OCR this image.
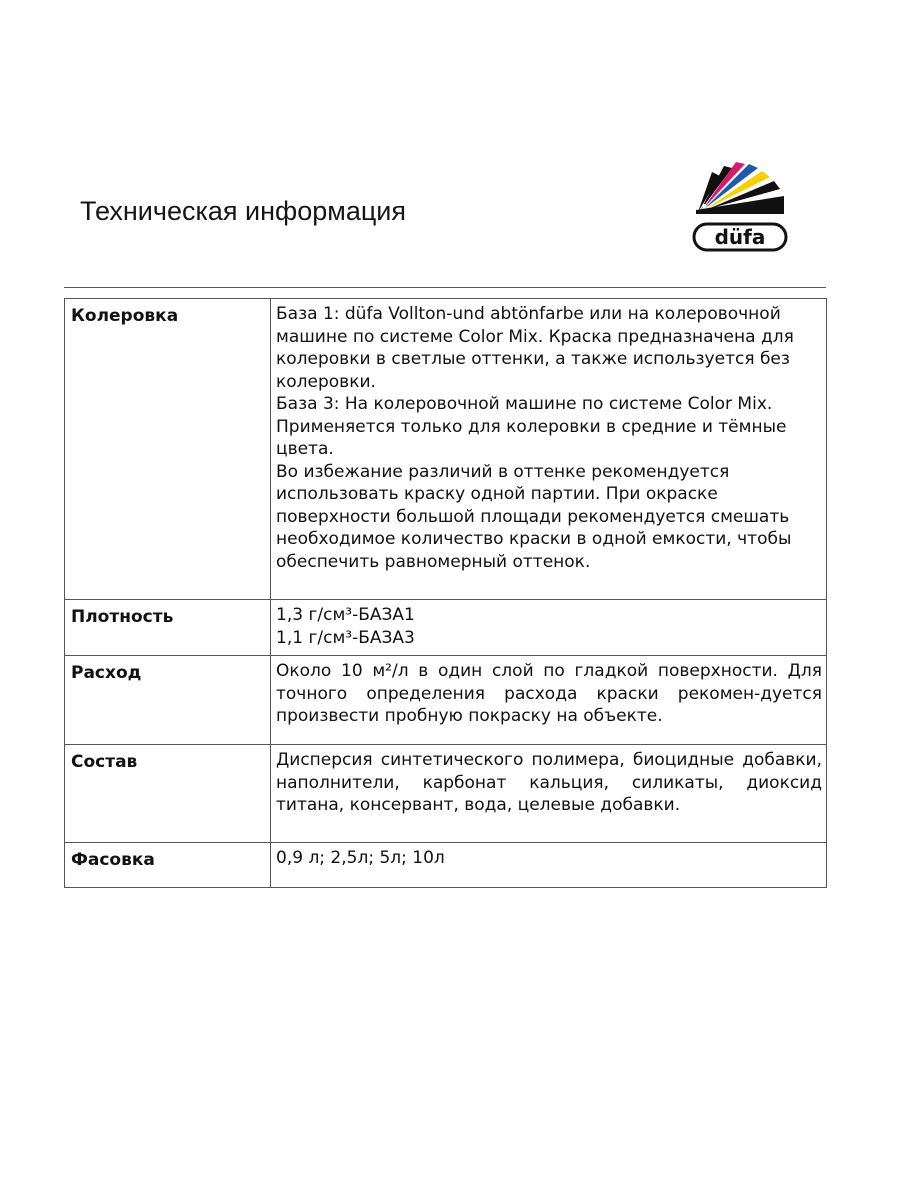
Техническая информация
düfa
Колеровка	База 1: düfa Vollton-und abtönfarbe или на колеровочной машине по системе Color Mix. Краска предназначена для колеровки в светлые оттенки, а также используется без колеровки.

База 3: На колеровочной машине по системе Color Mix. Применяется только для колеровки в средние и тёмные цвета.

Во избежание различий в оттенке рекомендуется использовать краску одной партии. При окраске поверхности большой площади рекомендуется смешать необходимое количество краски в одной емкости, чтобы обеспечить равномерный оттенок.

Плотность	1,3 г/см³-БАЗА1

1,1 г/см³-БАЗА3

Расход	Около 10 м²/л в один слой по гладкой поверхности. Для точного определения расхода краски рекомен-дуется произвести пробную покраску на объекте.

Состав	Дисперсия синтетического полимера, биоцидные добавки, наполнители, карбонат кальция, силикаты, диоксид титана, консервант, вода, целевые добавки.

Фасовка	0,9 л; 2,5л; 5л; 10л
